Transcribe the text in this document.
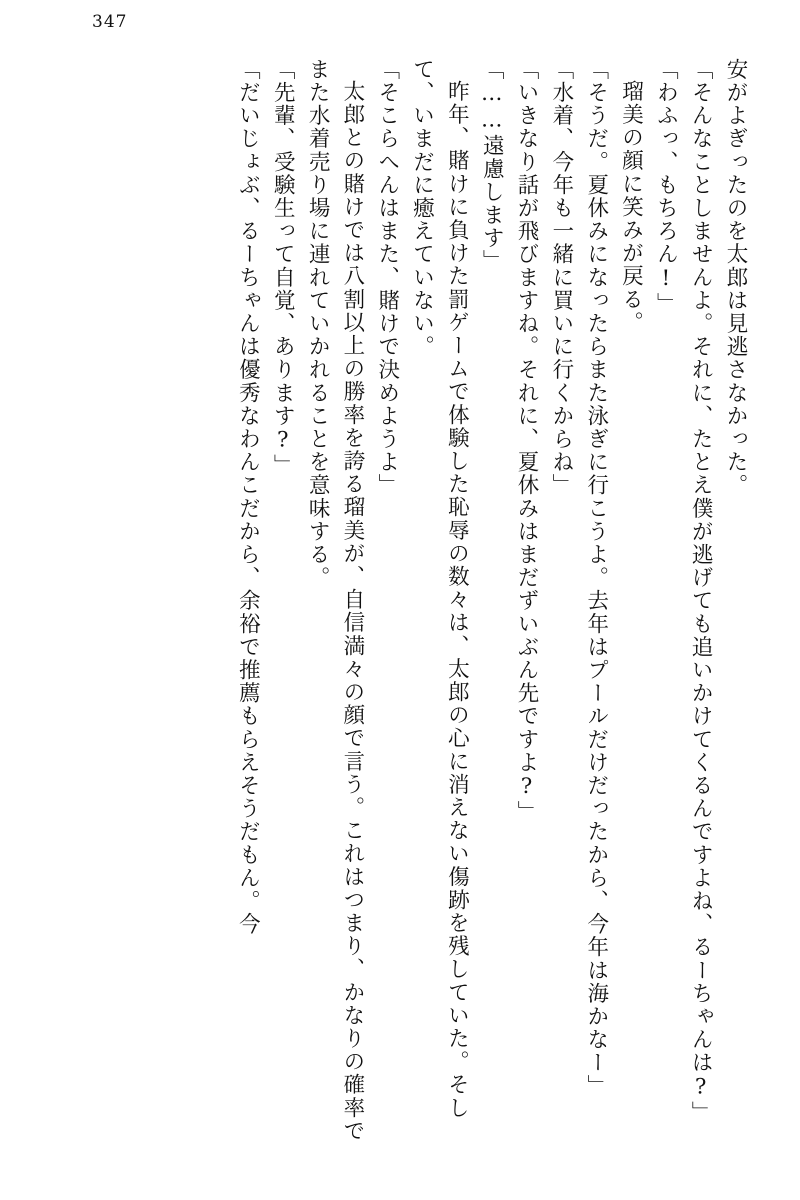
347

安がよぎったのを太郎は見逃さなかった。

「そんなことしませんよ。それに、たとえ僕が逃げても追いかけてくるんですよね、るーちゃんは?」

「わふっ、もちろん!」

瑠美の顔に笑みが戻る。

「そうだ。夏休みになったらまた泳ぎに行こうよ。去年はプールだけだったから、今年は海かなー」

「水着、今年も一緒に買いに行くからね」

「いきなり話が飛びますね。それに、夏休みはまだずいぶん先ですよ?」

「……遠慮します」

昨年、賭けに負けた罰ゲームで体験した恥辱の数々は、太郎の心に消えない傷跡を残していた。そして、いまだに癒えていない。

「そこらへんはまた、賭けで決めようよ」

太郎との賭けでは八割以上の勝率を誇る瑠美が、自信満々の顔で言う。これはつまり、かなりの確率でまた水着売り場に連れていかれることを意味する。

「先輩、受験生って自覚、あります?」

「だいじょぶ、るーちゃんは優秀なわんこだから、余裕で推薦もらえそうだもん。今
